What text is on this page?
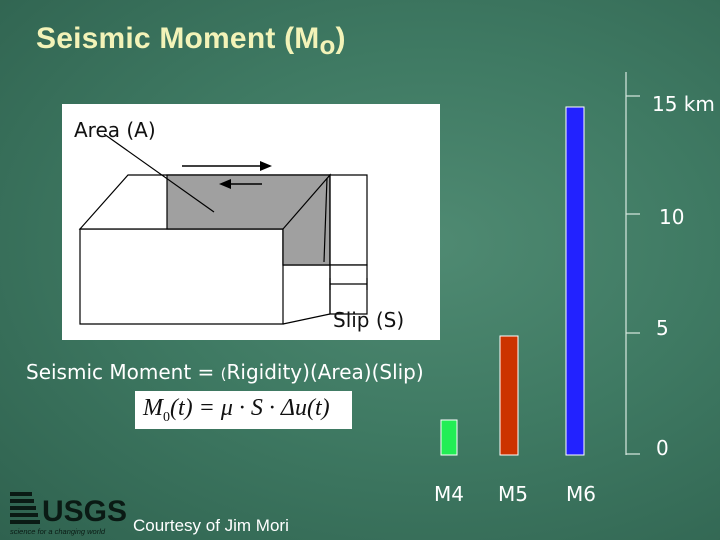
Seismic Moment $(M_o)$
Area (A)
Slip (S)
Seismic Moment = (Rigidity)(Area)(Slip)
$M_0(t) = \mu \cdot S \cdot \Delta u(t)$
15 km
10
5
0
M4 M5 M6
USGS
science for a changing world Courtesy of Jim Mori
